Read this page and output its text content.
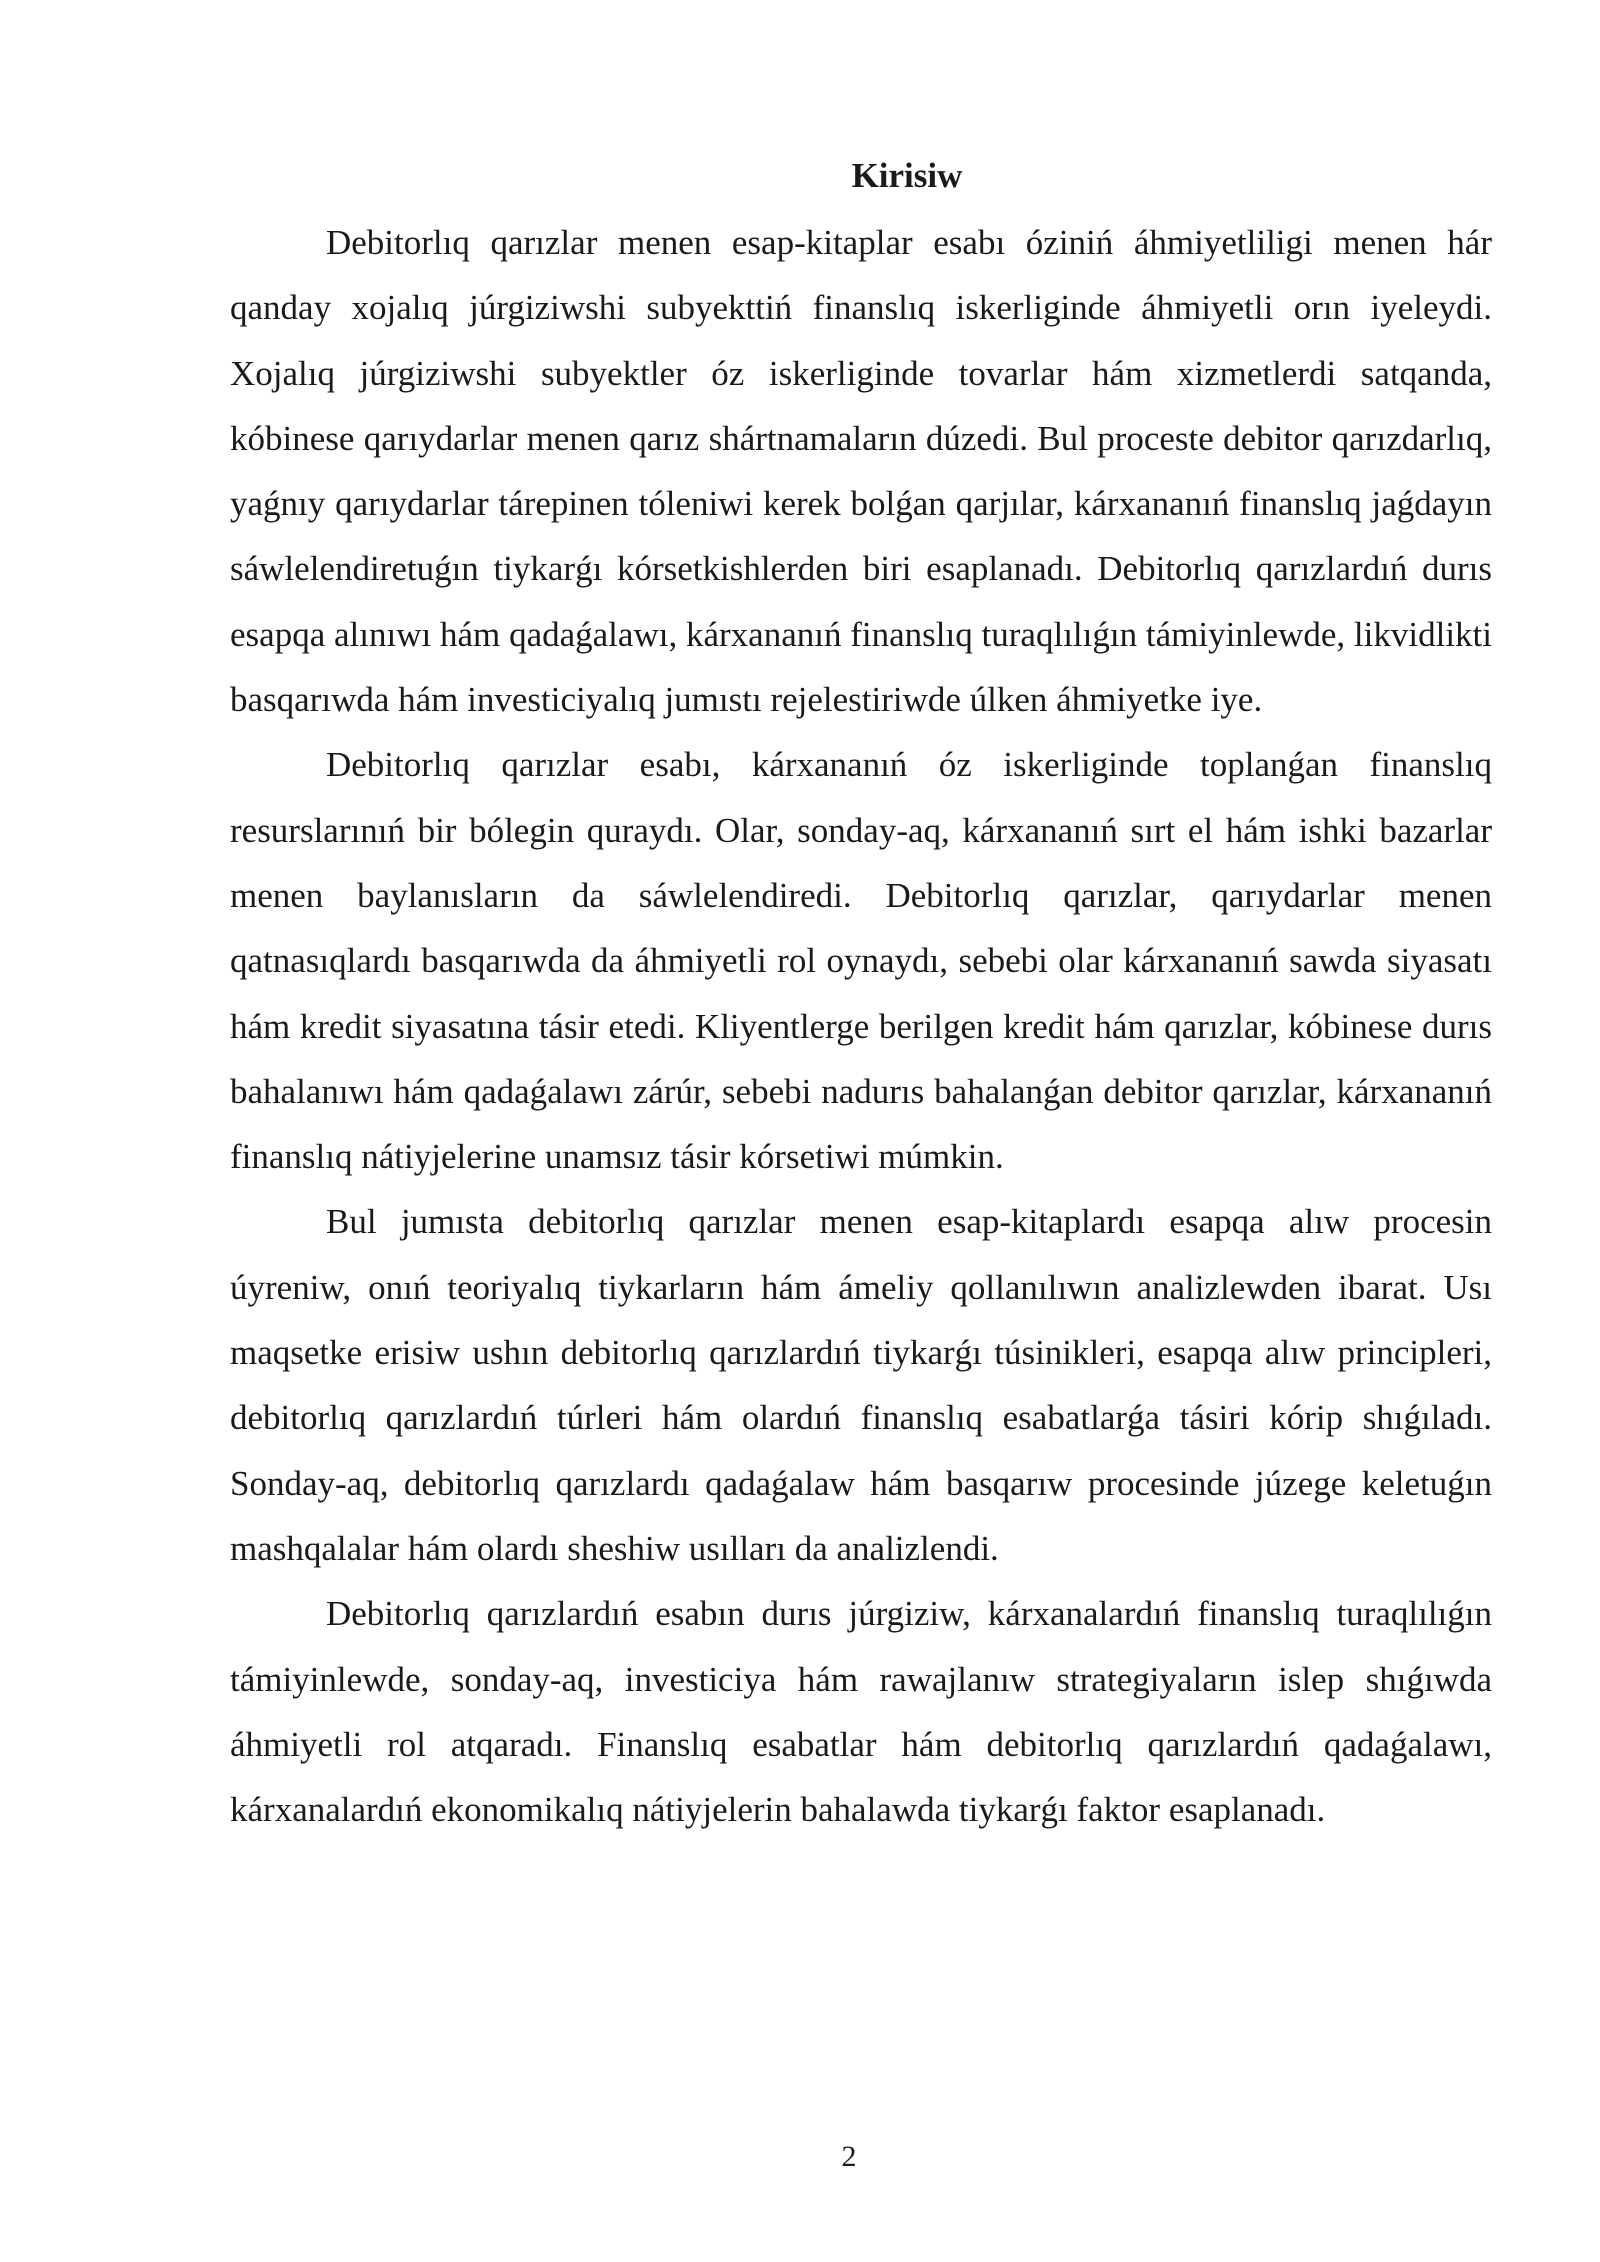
Kirisiw

Debitorlıq qarızlar menen esap-kitaplar esabı óziniń áhmiyetliligi menen hár qanday xojalıq júrgiziwshi subyekttiń finanslıq iskerliginde áhmiyetli orın iyeleydi. Xojalıq júrgiziwshi subyektler óz iskerliginde tovarlar hám xizmetlerdi satqanda, kóbinese qarıydarlar menen qarız shártnamaların dúzedi. Bul proceste debitor qarızdarlıq, yaǵnıy qarıydarlar tárepinen tóleniwi kerek bolǵan qarjılar, kárxananıń finanslıq jaǵdayın sáwlelendiretuǵın tiykarǵı kórsetkishlerden biri esaplanadı. Debitorlıq qarızlardıń durıs esapqa alınıwı hám qadaǵalawı, kárxananıń finanslıq turaqlılıǵın támiyinlewde, likvidlikti basqarıwda hám investiciyalıq jumıstı rejelestiriwde úlken áhmiyetke iye.

Debitorlıq qarızlar esabı, kárxananıń óz iskerliginde toplanǵan finanslıq resurslarınıń bir bólegin quraydı. Olar, sonday-aq, kárxananıń sırt el hám ishki bazarlar menen baylanısların da sáwlelendiredi. Debitorlıq qarızlar, qarıydarlar menen qatnasıqlardı basqarıwda da áhmiyetli rol oynaydı, sebebi olar kárxananıń sawda siyasatı hám kredit siyasatına tásir etedi. Kliyentlerge berilgen kredit hám qarızlar, kóbinese durıs bahalanıwı hám qadaǵalawı zárúr, sebebi nadurıs bahalanǵan debitor qarızlar, kárxananıń finanslıq nátiyjelerine unamsız tásir kórsetiwi múmkin.

Bul jumısta debitorlıq qarızlar menen esap-kitaplardı esapqa alıw procesin úyreniw, onıń teoriyalıq tiykarların hám ámeliy qollanılıwın analizlewden ibarat. Usı maqsetke erisiw ushın debitorlıq qarızlardıń tiykarǵı túsinikleri, esapqa alıw principleri, debitorlıq qarızlardıń túrleri hám olardıń finanslıq esabatlarǵa tásiri kórip shıǵıladı. Sonday-aq, debitorlıq qarızlardı qadaǵalaw hám basqarıw procesinde júzege keletuǵın mashqalalar hám olardı sheshiw usılları da analizlendi.

Debitorlıq qarızlardıń esabın durıs júrgiziw, kárxanalardıń finanslıq turaqlılıǵın támiyinlewde, sonday-aq, investiciya hám rawajlanıw strategiyaların islep shıǵıwda áhmiyetli rol atqaradı. Finanslıq esabatlar hám debitorlıq qarızlardıń qadaǵalawı, kárxanalardıń ekonomikalıq nátiyjelerin bahalawda tiykarǵı faktor esaplanadı.

2
